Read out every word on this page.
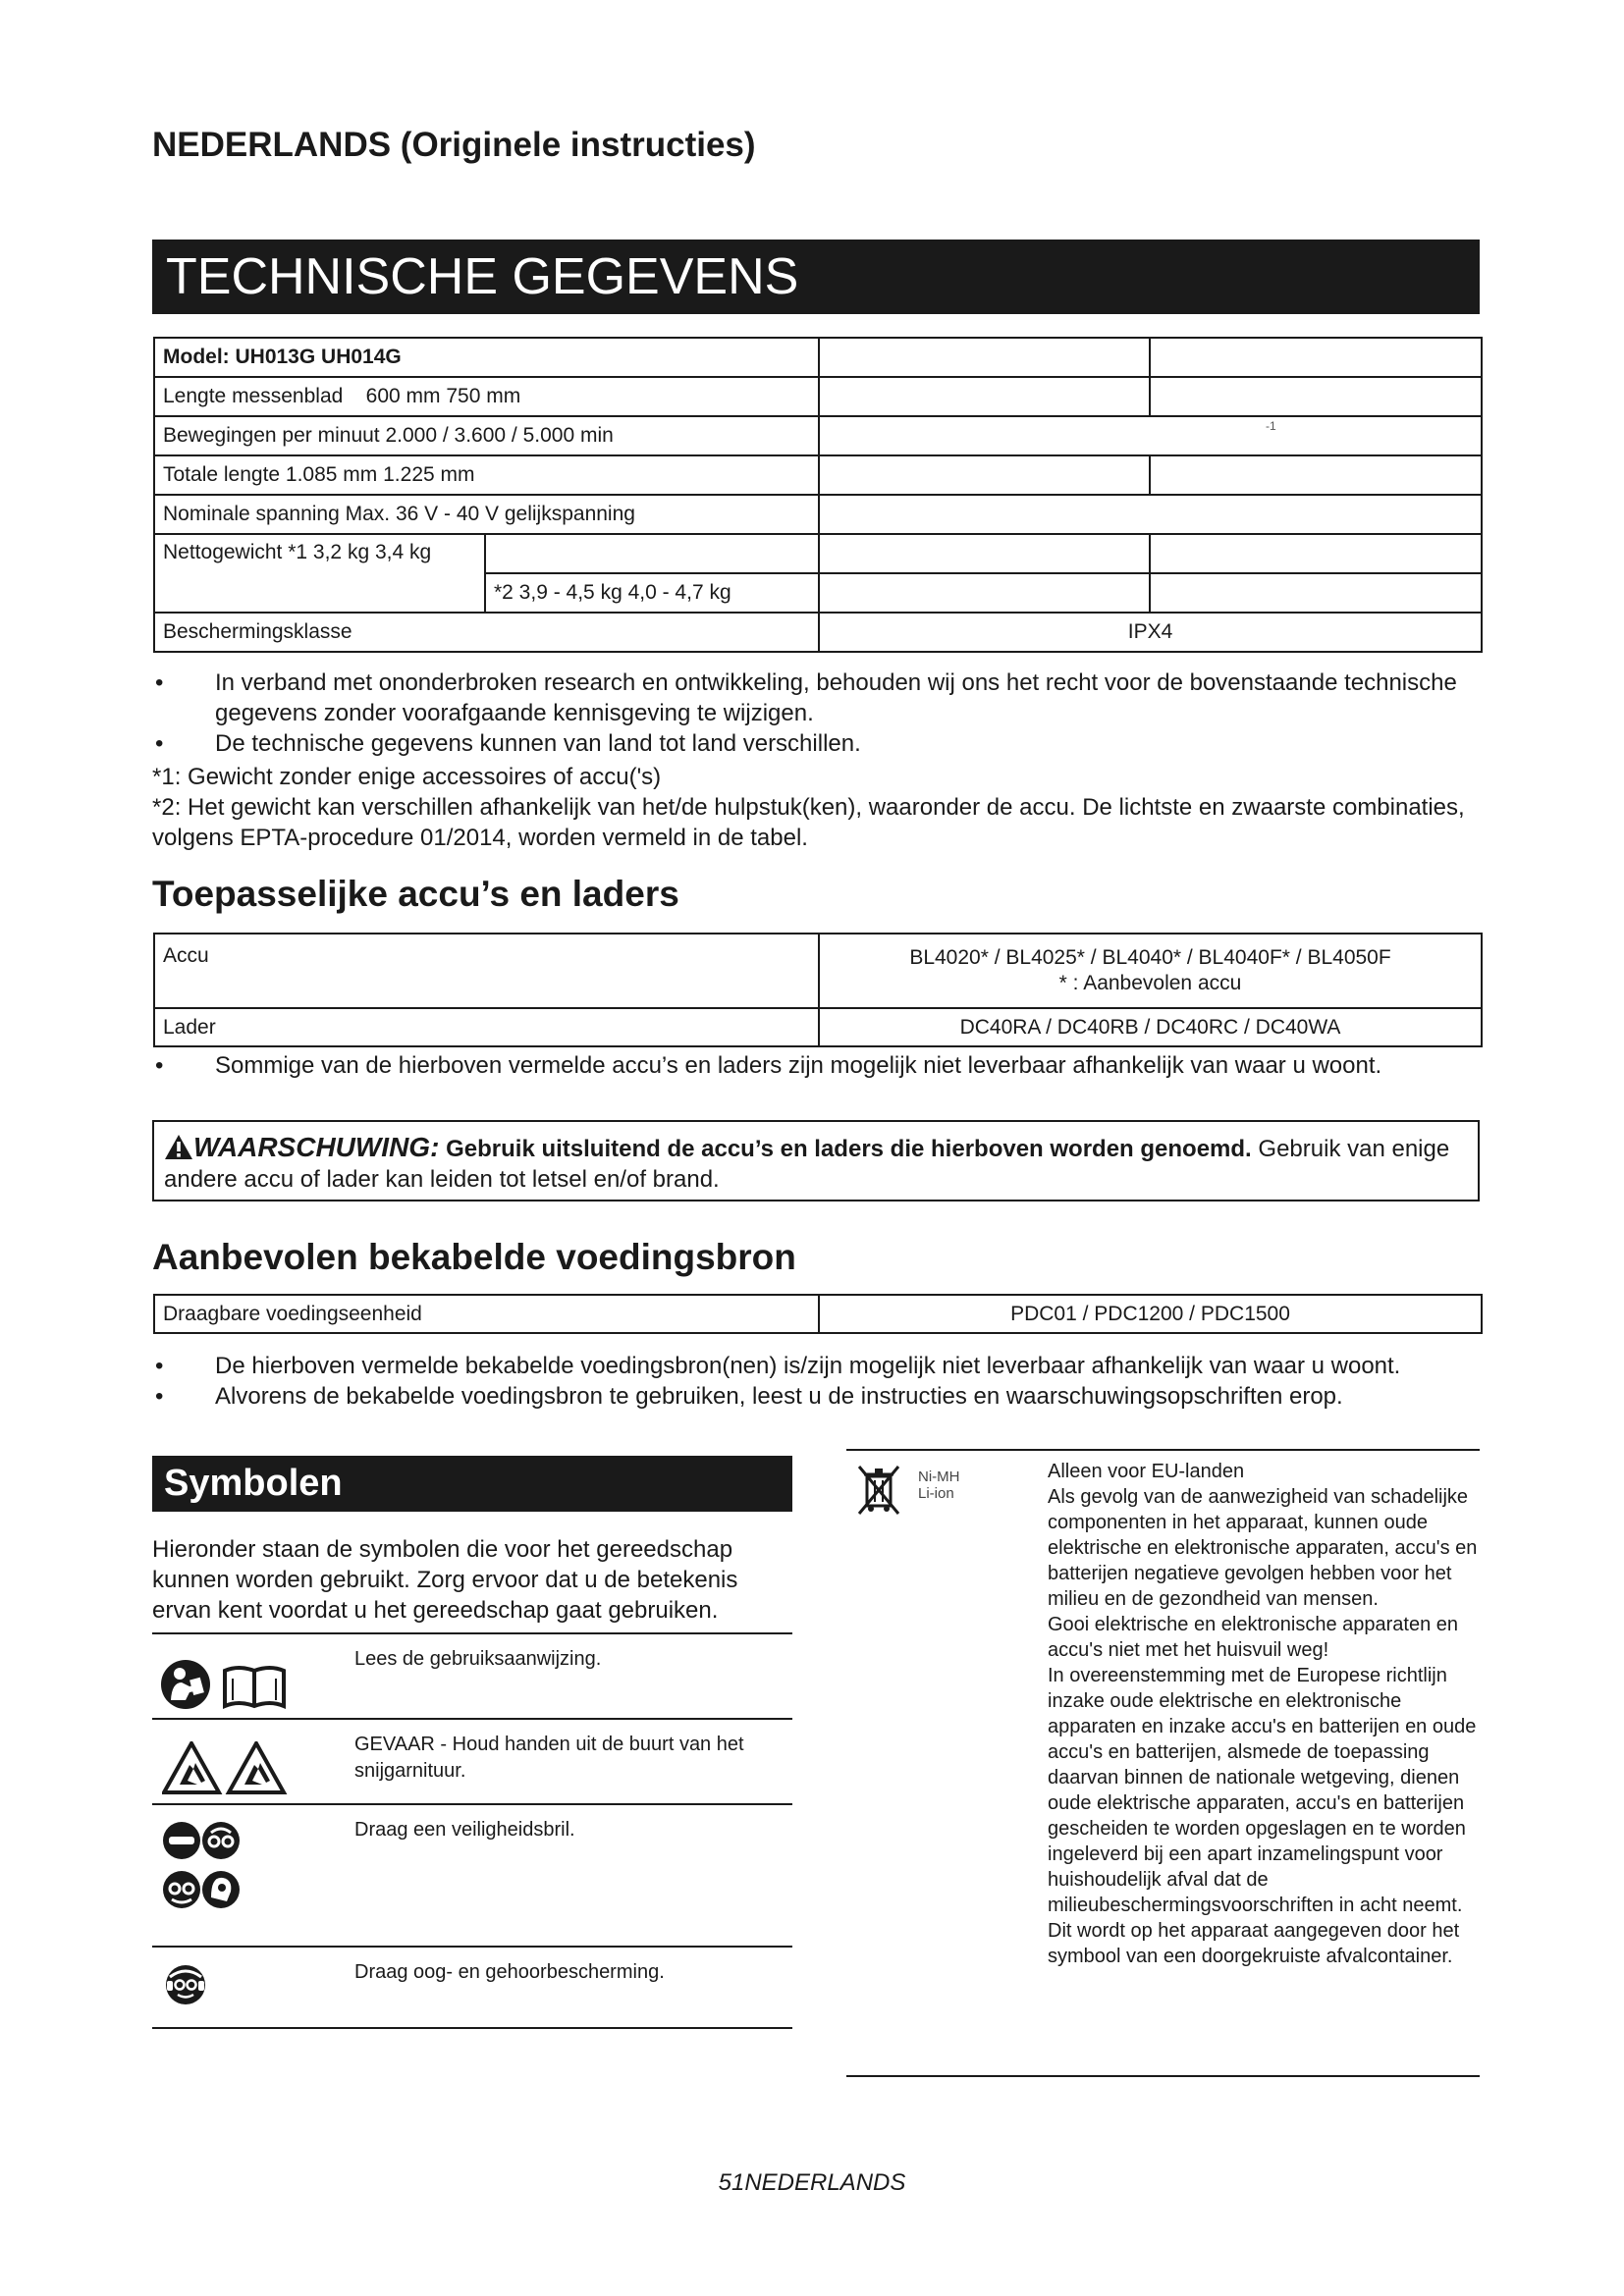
NEDERLANDS (Originele instructies)
TECHNISCHE GEGEVENS
Model: UH013G UH014G			
Lengte messenblad    600 mm 750 mm			
Bewegingen per minuut 2.000 / 3.600 / 5.000 min		-1	

Totale lengte 1.085 mm 1.225 mm			
Nominale spanning Max. 36 V - 40 V gelijkspanning			
Nettogewicht *1 3,2 kg 3,4 kg			
	*2 3,9 - 4,5 kg 4,0 - 4,7 kg		
Beschermingsklasse		IPX4	
• In verband met ononderbroken research en ontwikkeling, behouden wij ons het recht voor de bovenstaande technische gegevens zonder voorafgaande kennisgeving te wijzigen.
• De technische gegevens kunnen van land tot land verschillen.

*1: Gewicht zonder enige accessoires of accu('s)

*2: Het gewicht kan verschillen afhankelijk van het/de hulpstuk(ken), waaronder de accu. De lichtste en zwaarste combinaties, volgens EPTA-procedure 01/2014, worden vermeld in de tabel.

Toepasselijke accu’s en laders
Accu	BL4020* / BL4025* / BL4040* / BL4040F* / BL4050F
* : Aanbevolen accu

Lader	DC40RA / DC40RB / DC40RC / DC40WA
• Sommige van de hierboven vermelde accu’s en laders zijn mogelijk niet leverbaar afhankelijk van waar u woont.
WAARSCHUWING: Gebruik uitsluitend de accu’s en laders die hierboven worden genoemd. Gebruik van enige andere accu of lader kan leiden tot letsel en/of brand.
Aanbevolen bekabelde voedingsbron
Draagbare voedingseenheid	PDC01 / PDC1200 / PDC1500
• De hierboven vermelde bekabelde voedingsbron(nen) is/zijn mogelijk niet leverbaar afhankelijk van waar u woont.
• Alvorens de bekabelde voedingsbron te gebruiken, leest u de instructies en waarschuwingsopschriften erop.
Symbolen
Hieronder staan de symbolen die voor het gereedschap kunnen worden gebruikt. Zorg ervoor dat u de betekenis ervan kent voordat u het gereedschap gaat gebruiken.
Lees de gebruiksaanwijzing.
GEVAAR - Houd handen uit de buurt van het snijgarnituur.
Draag een veiligheidsbril.
Draag oog- en gehoorbescherming.
Ni-MH
Li-ion
Alleen voor EU-landen
Als gevolg van de aanwezigheid van schadelijke componenten in het apparaat, kunnen oude elektrische en elektronische apparaten, accu's en batterijen negatieve gevolgen hebben voor het milieu en de gezondheid van mensen.
Gooi elektrische en elektronische apparaten en accu's niet met het huisvuil weg!
In overeenstemming met de Europese richtlijn inzake oude elektrische en elektronische apparaten en inzake accu's en batterijen en oude accu's en batterijen, alsmede de toepassing daarvan binnen de nationale wetgeving, dienen oude elektrische apparaten, accu's en batterijen gescheiden te worden opgeslagen en te worden ingeleverd bij een apart inzamelingspunt voor huishoudelijk afval dat de milieubeschermingsvoorschriften in acht neemt.
Dit wordt op het apparaat aangegeven door het symbool van een doorgekruiste afvalcontainer.
51NEDERLANDS
